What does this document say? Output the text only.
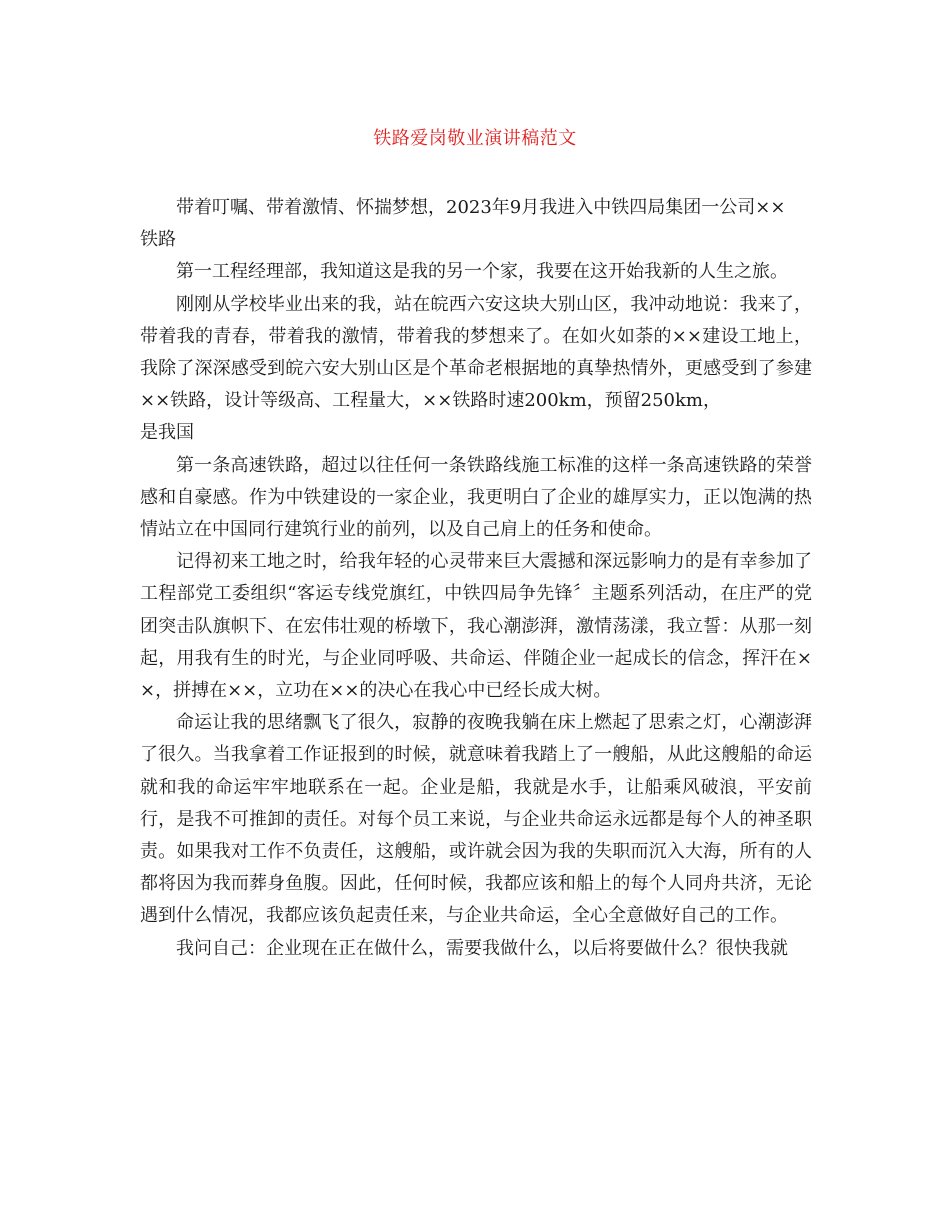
铁路爱岗敬业演讲稿范文

带着叮嘱、带着激情、怀揣梦想，2023年9月我进入中铁四局集团一公司××

铁路

第一工程经理部，我知道这是我的另一个家，我要在这开始我新的人生之旅。

刚刚从学校毕业出来的我，站在皖西六安这块大别山区，我冲动地说：我来了，带着我的青春，带着我的激情，带着我的梦想来了。在如火如荼的××建设工地上，我除了深深感受到皖六安大别山区是个革命老根据地的真挚热情外，更感受到了参建××铁路，设计等级高、工程量大，××铁路时速200km，预留250km，

是我国

第一条高速铁路，超过以往任何一条铁路线施工标准的这样一条高速铁路的荣誉感和自豪感。作为中铁建设的一家企业，我更明白了企业的雄厚实力，正以饱满的热情站立在中国同行建筑行业的前列，以及自己肩上的任务和使命。

记得初来工地之时，给我年轻的心灵带来巨大震撼和深远影响力的是有幸参加了工程部党工委组织“客运专线党旗红，中铁四局争先锋〞主题系列活动，在庄严的党团突击队旗帜下、在宏伟壮观的桥墩下，我心潮澎湃，激情荡漾，我立誓：从那一刻起，用我有生的时光，与企业同呼吸、共命运、伴随企业一起成长的信念，挥汗在××，拼搏在××，立功在××的决心在我心中已经长成大树。

命运让我的思绪飘飞了很久，寂静的夜晚我躺在床上燃起了思索之灯，心潮澎湃了很久。当我拿着工作证报到的时候，就意味着我踏上了一艘船，从此这艘船的命运就和我的命运牢牢地联系在一起。企业是船，我就是水手，让船乘风破浪，平安前行，是我不可推卸的责任。对每个员工来说，与企业共命运永远都是每个人的神圣职责。如果我对工作不负责任，这艘船，或许就会因为我的失职而沉入大海，所有的人都将因为我而葬身鱼腹。因此，任何时候，我都应该和船上的每个人同舟共济，无论遇到什么情况，我都应该负起责任来，与企业共命运，全心全意做好自己的工作。

我问自己：企业现在正在做什么，需要我做什么，以后将要做什么？很快我就
